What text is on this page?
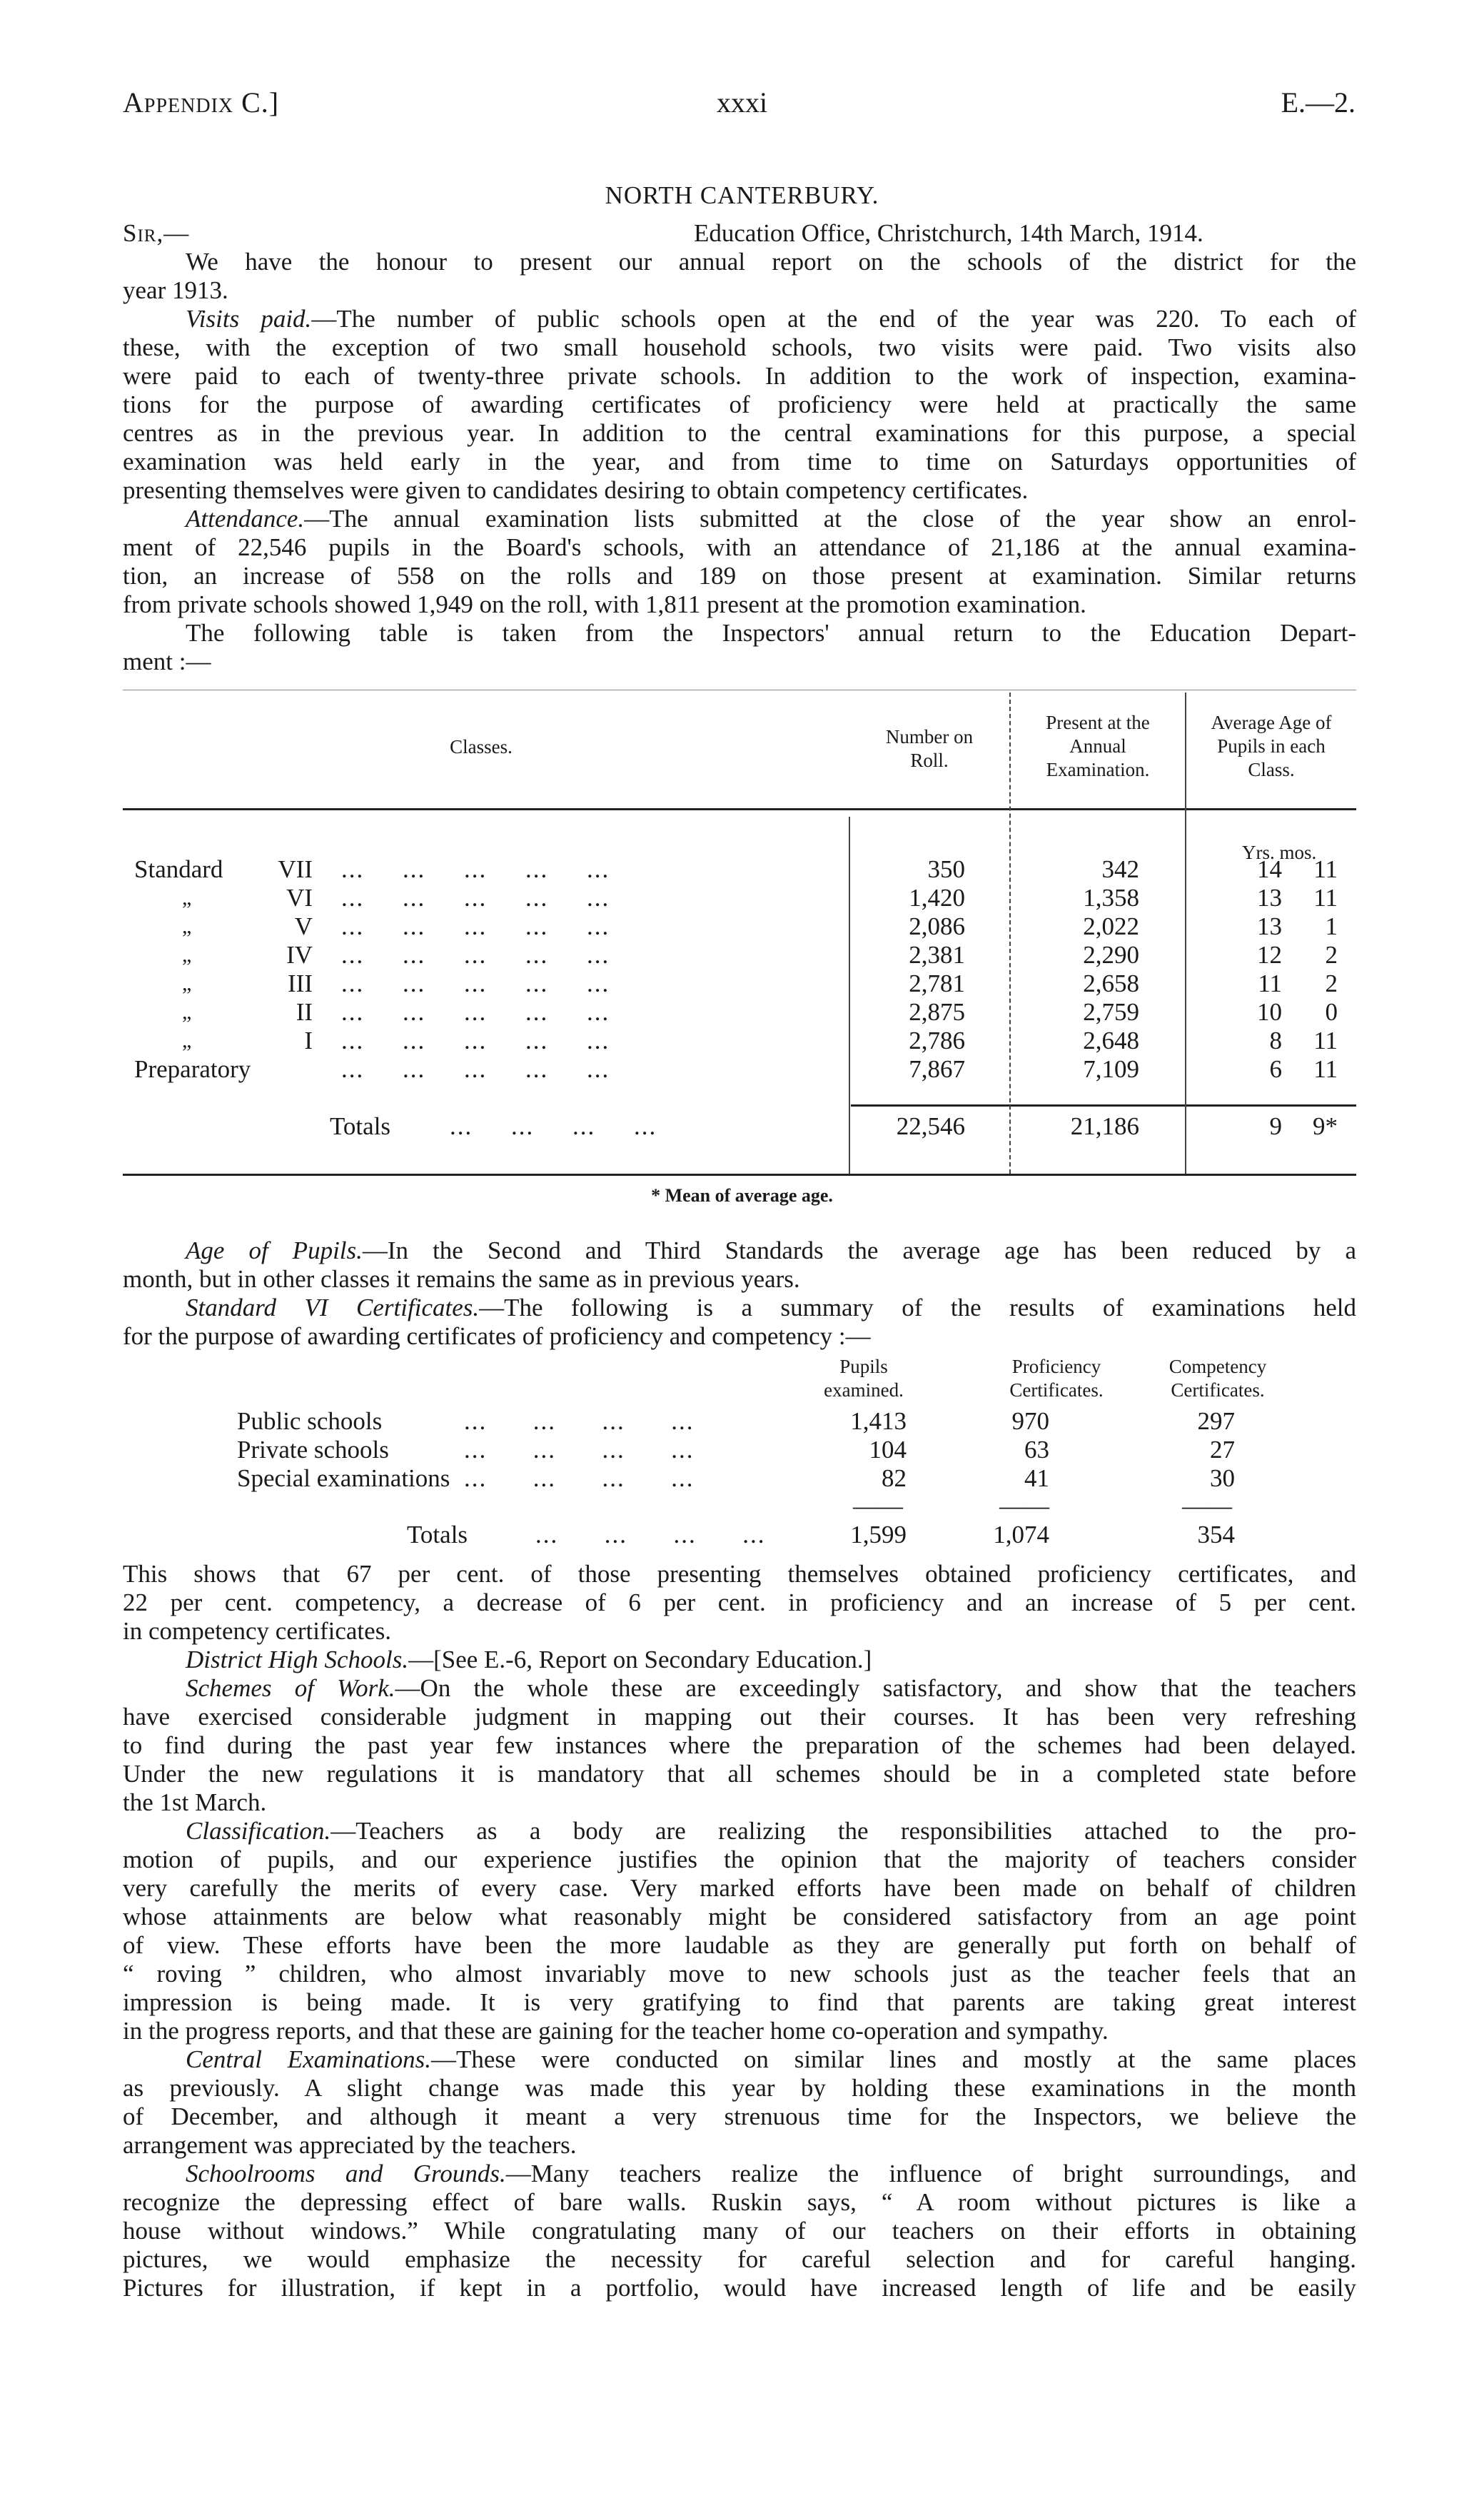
Appendix C.]	xxxi	E.—2.
NORTH CANTERBURY.
Sir,—	Education Office, Christchurch, 14th March, 1914.
We have the honour to present our annual report on the schools of the district for the
year 1913.
Visits paid.—The number of public schools open at the end of the year was 220. To each of
these, with the exception of two small household schools, two visits were paid. Two visits also
were paid to each of twenty-three private schools. In addition to the work of inspection, examina-
tions for the purpose of awarding certificates of proficiency were held at practically the same
centres as in the previous year. In addition to the central examinations for this purpose, a special
examination was held early in the year, and from time to time on Saturdays opportunities of
presenting themselves were given to candidates desiring to obtain competency certificates.
Attendance.—The annual examination lists submitted at the close of the year show an enrol-
ment of 22,546 pupils in the Board's schools, with an attendance of 21,186 at the annual examina-
tion, an increase of 558 on the rolls and 189 on those present at examination. Similar returns
from private schools showed 1,949 on the roll, with 1,811 present at the promotion examination.
The following table is taken from the Inspectors' annual return to the Education Depart-
ment :—
Classes.	Number on
Roll.
Present at the
Annual
Examination.
Average Age of
Pupils in each
Class.
Yrs. mos.
Standard	VII ...     ...     ...     ...     ...	350	342	14	11
„	VI ...     ...     ...     ...     ...	1,420	1,358	13	11
„	V ...     ...     ...     ...     ...	2,086	2,022	13	1
„	IV ...     ...     ...     ...     ...	2,381	2,290	12	2
„	III ...     ...     ...     ...     ...	2,781	2,658	11	2
„	II ...     ...     ...     ...     ...	2,875	2,759	10	0
„	I ...     ...     ...     ...     ...	2,786	2,648	8	11
Preparatory	...     ...     ...     ...     ...	7,867	7,109	6	11
Totals ...     ...     ...     ...	22,546	21,186	9	9*
* Mean of average age.
Age of Pupils.—In the Second and Third Standards the average age has been reduced by a
month, but in other classes it remains the same as in previous years.
Standard VI Certificates.—The following is a summary of the results of examinations held
for the purpose of awarding certificates of proficiency and competency :—
Pupils
examined.
Proficiency
Certificates.
Competency
Certificates.
Public schools	...      ...      ...      ...	1,413	970	297
Private schools	...      ...      ...      ...	104	63	27
Special examinations ...      ...      ...      ...	82	41	30
——	——	——
Totals	...      ...      ...      ...	1,599	1,074	354
This shows that 67 per cent. of those presenting themselves obtained proficiency certificates, and
22 per cent. competency, a decrease of 6 per cent. in proficiency and an increase of 5 per cent.
in competency certificates.
District High Schools.—[See E.-6, Report on Secondary Education.]
Schemes of Work.—On the whole these are exceedingly satisfactory, and show that the teachers
have exercised considerable judgment in mapping out their courses. It has been very refreshing
to find during the past year few instances where the preparation of the schemes had been delayed.
Under the new regulations it is mandatory that all schemes should be in a completed state before
the 1st March.
Classification.—Teachers as a body are realizing the responsibilities attached to the pro-
motion of pupils, and our experience justifies the opinion that the majority of teachers consider
very carefully the merits of every case. Very marked efforts have been made on behalf of children
whose attainments are below what reasonably might be considered satisfactory from an age point
of view. These efforts have been the more laudable as they are generally put forth on behalf of
“ roving ” children, who almost invariably move to new schools just as the teacher feels that an
impression is being made. It is very gratifying to find that parents are taking great interest
in the progress reports, and that these are gaining for the teacher home co-operation and sympathy.
Central Examinations.—These were conducted on similar lines and mostly at the same places
as previously. A slight change was made this year by holding these examinations in the month
of December, and although it meant a very strenuous time for the Inspectors, we believe the
arrangement was appreciated by the teachers.
Schoolrooms and Grounds.—Many teachers realize the influence of bright surroundings, and
recognize the depressing effect of bare walls. Ruskin says, “ A room without pictures is like a
house without windows.” While congratulating many of our teachers on their efforts in obtaining
pictures, we would emphasize the necessity for careful selection and for careful hanging.
Pictures for illustration, if kept in a portfolio, would have increased length of life and be easily
